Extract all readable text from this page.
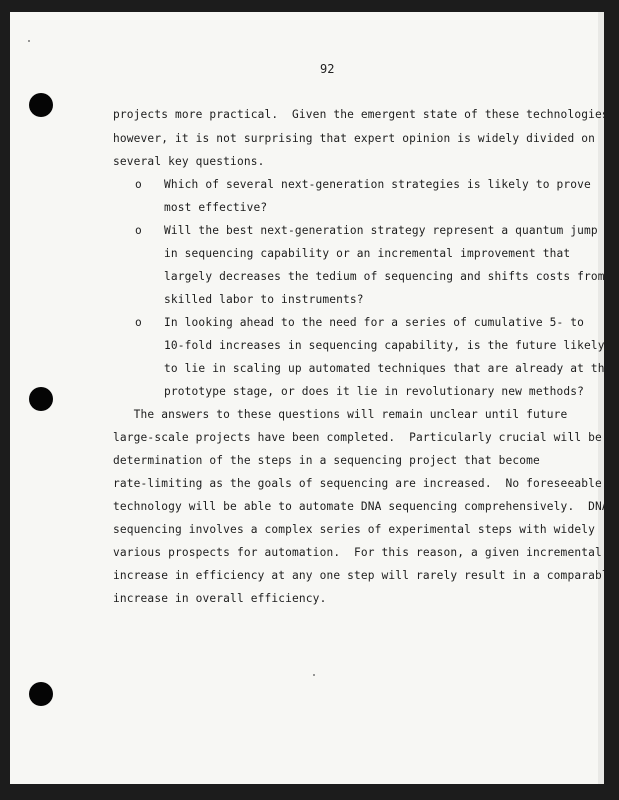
92
projects more practical.  Given the emergent state of these technologies,
however, it is not surprising that expert opinion is widely divided on
several key questions.
o Which of several next-generation strategies is likely to prove
most effective?
o Will the best next-generation strategy represent a quantum jump
in sequencing capability or an incremental improvement that
largely decreases the tedium of sequencing and shifts costs from
skilled labor to instruments?
o In looking ahead to the need for a series of cumulative 5- to
10-fold increases in sequencing capability, is the future likely
to lie in scaling up automated techniques that are already at the
prototype stage, or does it lie in revolutionary new methods?
The answers to these questions will remain unclear until future
large-scale projects have been completed.  Particularly crucial will be a
determination of the steps in a sequencing project that become
rate-limiting as the goals of sequencing are increased.  No foreseeable
technology will be able to automate DNA sequencing comprehensively.  DNA
sequencing involves a complex series of experimental steps with widely
various prospects for automation.  For this reason, a given incremental
increase in efficiency at any one step will rarely result in a comparable
increase in overall efficiency.
